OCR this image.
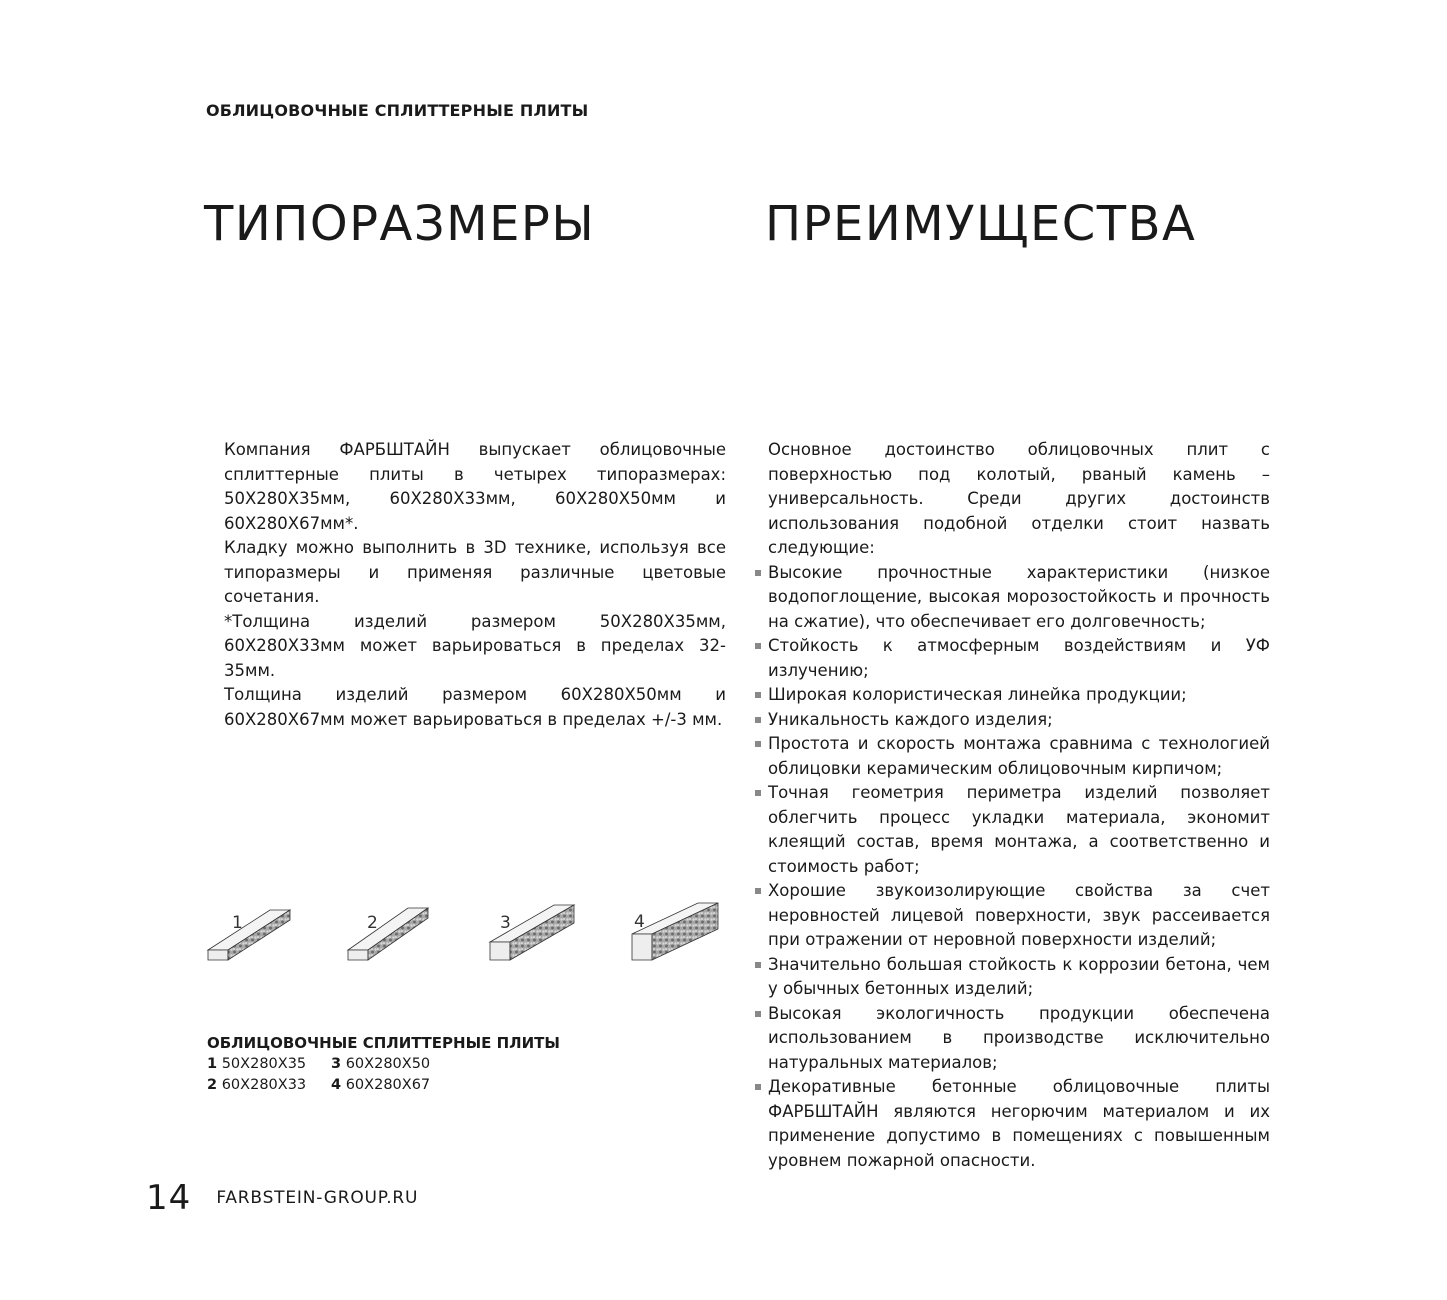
ОБЛИЦОВОЧНЫЕ СПЛИТТЕРНЫЕ ПЛИТЫ
ТИПОРАЗМЕРЫ	ПРЕИМУЩЕСТВА

Компания ФАРБШТАЙН выпускает облицовочные сплиттерные плиты в четырех типоразмерах: 50Х280Х35мм, 60Х280Х33мм, 60Х280Х50мм и 60Х280Х67мм*.

Кладку можно выполнить в 3D технике, используя все типоразмеры и применяя различные цветовые сочетания.

*Толщина изделий размером 50Х280Х35мм, 60Х280Х33мм может варьироваться в пределах 32-35мм.

Толщина изделий размером 60Х280Х50мм и 60Х280Х67мм может варьироваться в пределах +/-3 мм.

Основное достоинство облицовочных плит с поверхностью под колотый, рваный камень – универсальность. Среди других достоинств использования подобной отделки стоит назвать следующие:

Высокие прочностные характеристики (низкое водопоглощение, высокая морозостойкость и прочность на сжатие), что обеспечивает его долговечность;
Стойкость к атмосферным воздействиям и УФ излучению;
Широкая колористическая линейка продукции;
Уникальность каждого изделия;
Простота и скорость монтажа сравнима с технологией облицовки керамическим облицовочным кирпичом;
Точная геометрия периметра изделий позволяет облегчить процесс укладки материала, экономит клеящий состав, время монтажа, а соответственно и стоимость работ;
Хорошие звукоизолирующие свойства за счет неровностей лицевой поверхности, звук рассеивается при отражении от неровной поверхности изделий;
Значительно большая стойкость к коррозии бетона, чем у обычных бетонных изделий;
Высокая экологичность продукции обеспечена использованием в производстве исключительно натуральных материалов;
Декоративные бетонные облицовочные плиты ФАРБШТАЙН являются негорючим материалом и их применение допустимо в помещениях с повышенным уровнем пожарной опасности.
1	2	3	4
ОБЛИЦОВОЧНЫЕ СПЛИТТЕРНЫЕ ПЛИТЫ
1 50Х280Х35	3 60Х280Х50
2 60Х280Х33	4 60Х280Х67
14 FARBSTEIN-GROUP.RU
